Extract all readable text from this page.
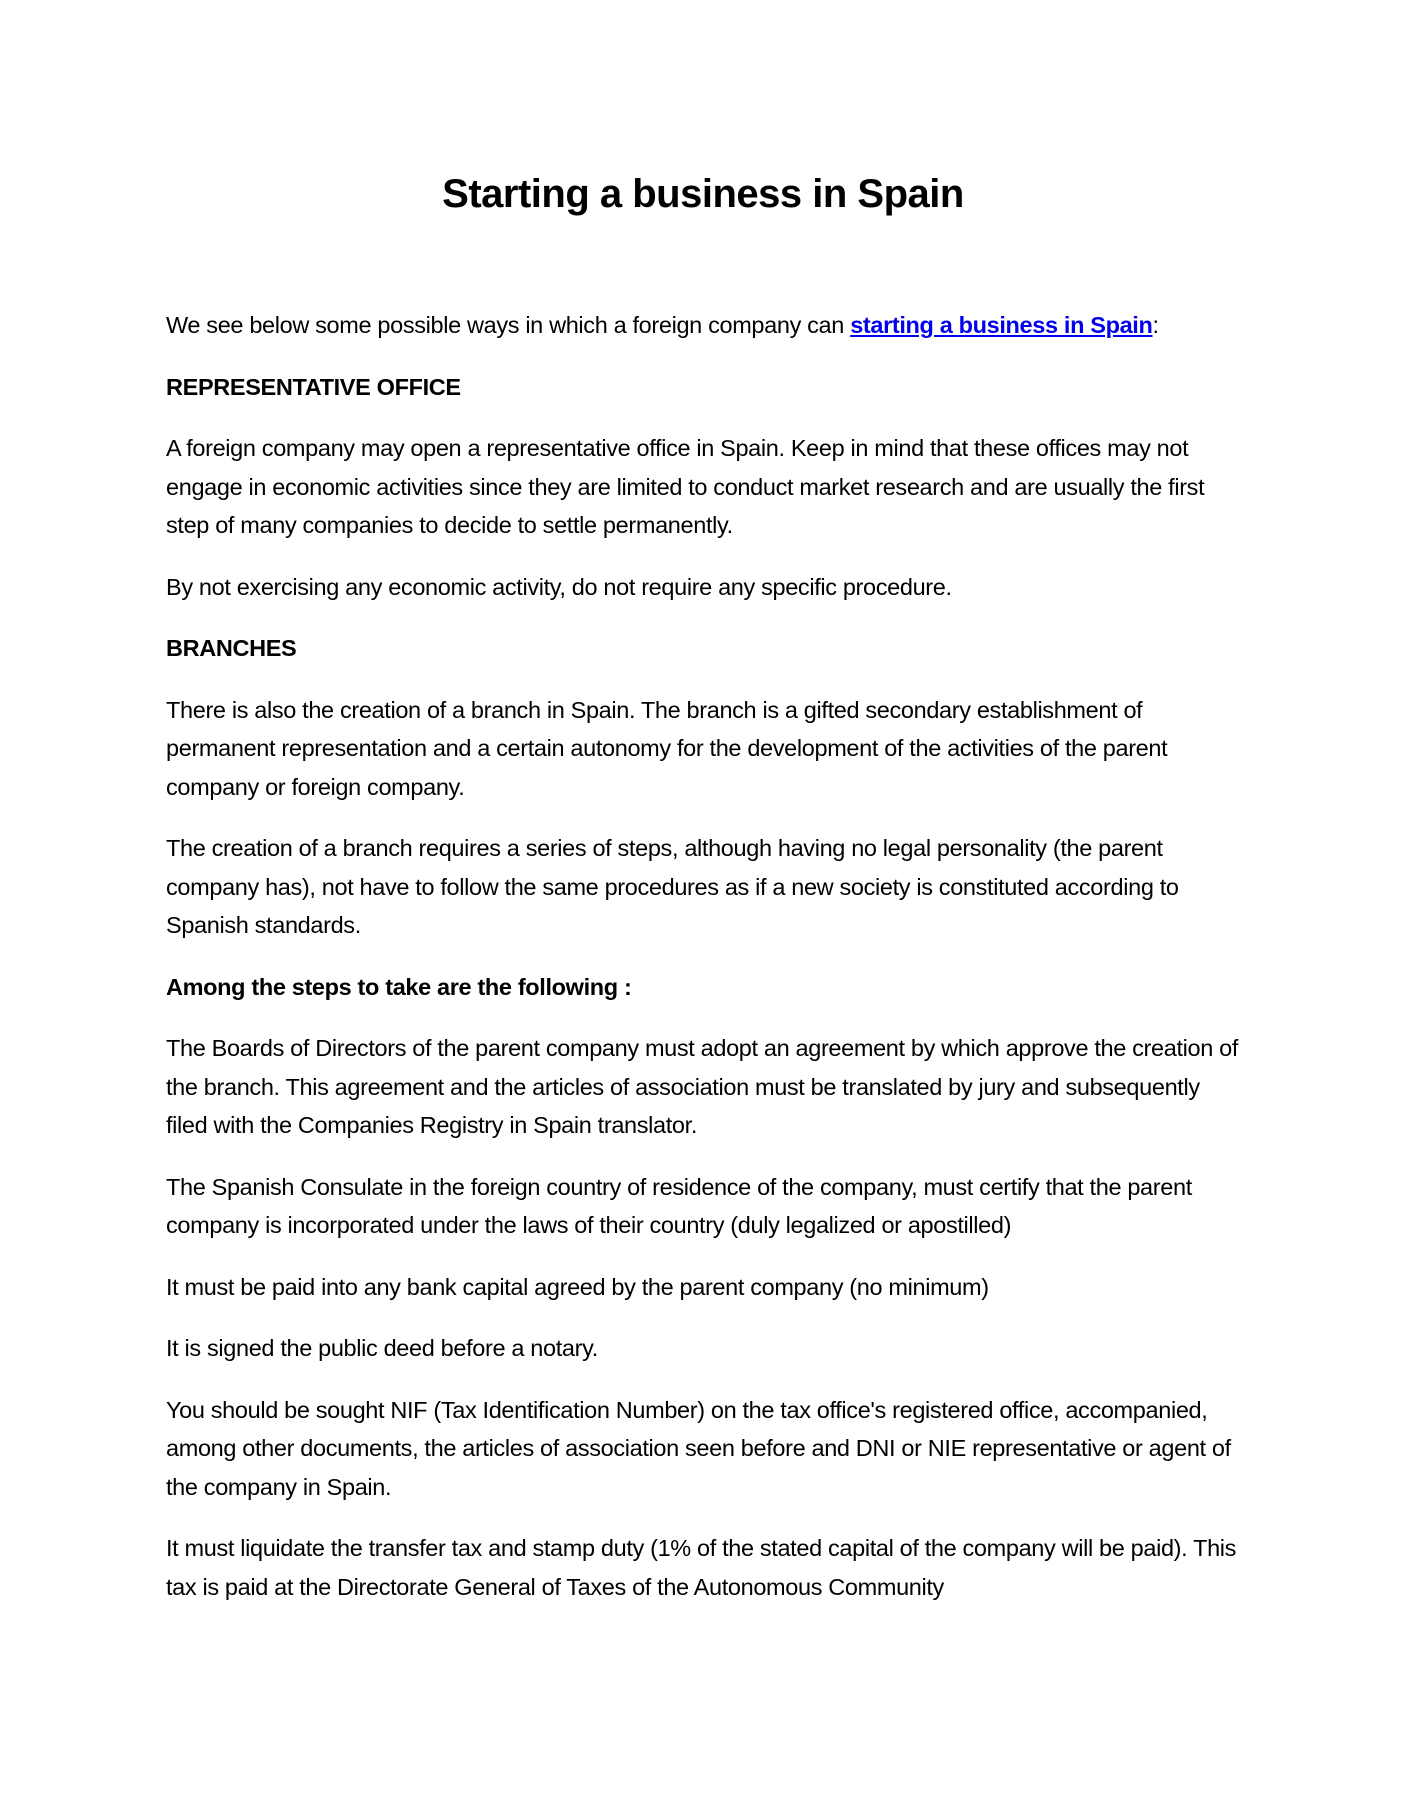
Starting a business in Spain

We see below some possible ways in which a foreign company can starting a business in Spain:

REPRESENTATIVE OFFICE

A foreign company may open a representative office in Spain. Keep in mind that these offices may not engage in economic activities since they are limited to conduct market research and are usually the first step of many companies to decide to settle permanently.

By not exercising any economic activity, do not require any specific procedure.

BRANCHES

There is also the creation of a branch in Spain. The branch is a gifted secondary establishment of permanent representation and a certain autonomy for the development of the activities of the parent company or foreign company.

The creation of a branch requires a series of steps, although having no legal personality (the parent company has), not have to follow the same procedures as if a new society is constituted according to Spanish standards.

Among the steps to take are the following :

The Boards of Directors of the parent company must adopt an agreement by which approve the creation of the branch. This agreement and the articles of association must be translated by jury and subsequently filed with the Companies Registry in Spain translator.

The Spanish Consulate in the foreign country of residence of the company, must certify that the parent company is incorporated under the laws of their country (duly legalized or apostilled)

It must be paid into any bank capital agreed by the parent company (no minimum)

It is signed the public deed before a notary.

You should be sought NIF (Tax Identification Number) on the tax office's registered office, accompanied, among other documents, the articles of association seen before and DNI or NIE representative or agent of the company in Spain.

It must liquidate the transfer tax and stamp duty (1% of the stated capital of the company will be paid). This tax is paid at the Directorate General of Taxes of the Autonomous Community
